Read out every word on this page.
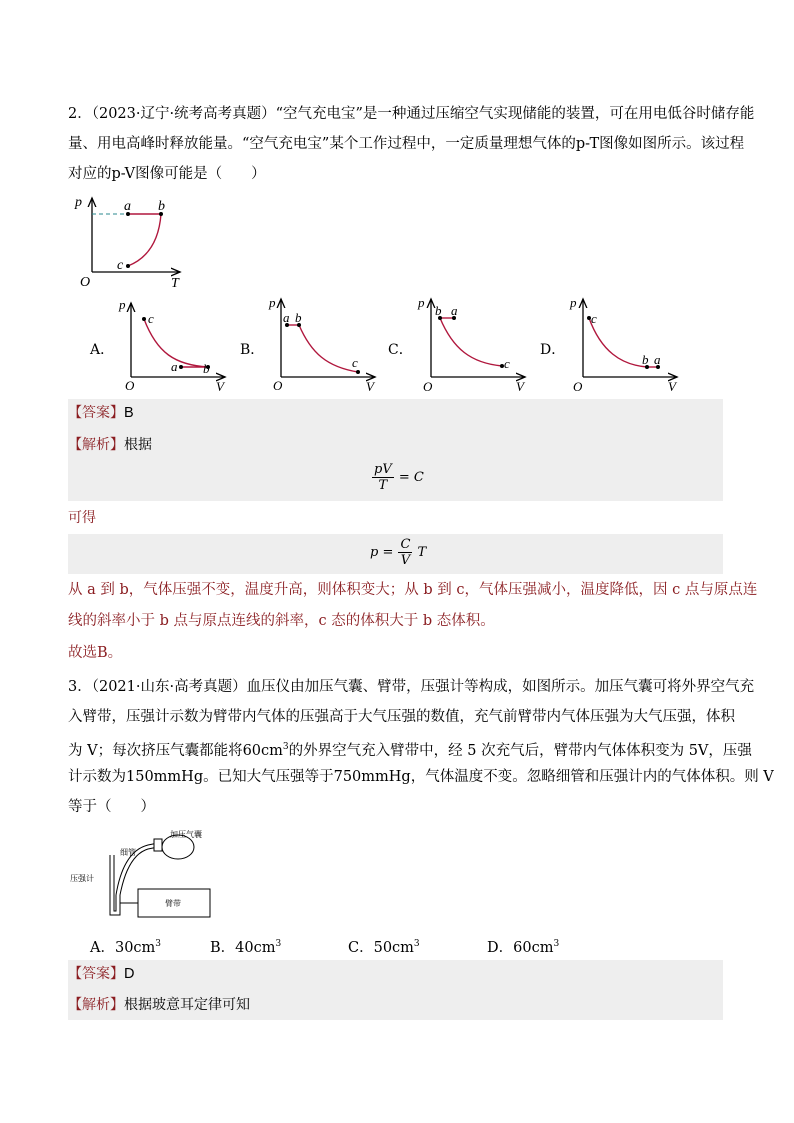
2．（2023·辽宁·统考高考真题）“空气充电宝”是一种通过压缩空气实现储能的装置，可在用电低谷时储存能
量、用电高峰时释放能量。“空气充电宝”某个工作过程中，一定质量理想气体的p-T图像如图所示。该过程
对应的p-V图像可能是（　　）
p	a b
c
O	T
A．
p
c
a b
O	V
B．
p
a b
c
O	V
C．
p
b a
c
O	V
D．
p
c
b a
O	V
【答案】B
【解析】根据
$\frac{pV}{T} = C$
可得
$p = \frac{C}{V}$ T
从 a 到 b，气体压强不变，温度升高，则体积变大；从 b 到 c，气体压强减小，温度降低，因 c 点与原点连
线的斜率小于 b 点与原点连线的斜率，c 态的体积大于 b 态体积。
故选B。
3．（2021·山东·高考真题）血压仪由加压气囊、臂带，压强计等构成，如图所示。加压气囊可将外界空气充
入臂带，压强计示数为臂带内气体的压强高于大气压强的数值，充气前臂带内气体压强为大气压强，体积
为 V；每次挤压气囊都能将$60cm^3$的外界空气充入臂带中，经 5 次充气后，臂带内气体体积变为 5V，压强
计示数为150mmHg。已知大气压强等于750mmHg，气体温度不变。忽略细管和压强计内的气体体积。则 V
等于（　　）
加压气囊
细管
压强计
臂带
A．$30cm^3$	B．$40cm^3$	C．$50cm^3$	D．$60cm^3$
【答案】D
【解析】根据玻意耳定律可知
